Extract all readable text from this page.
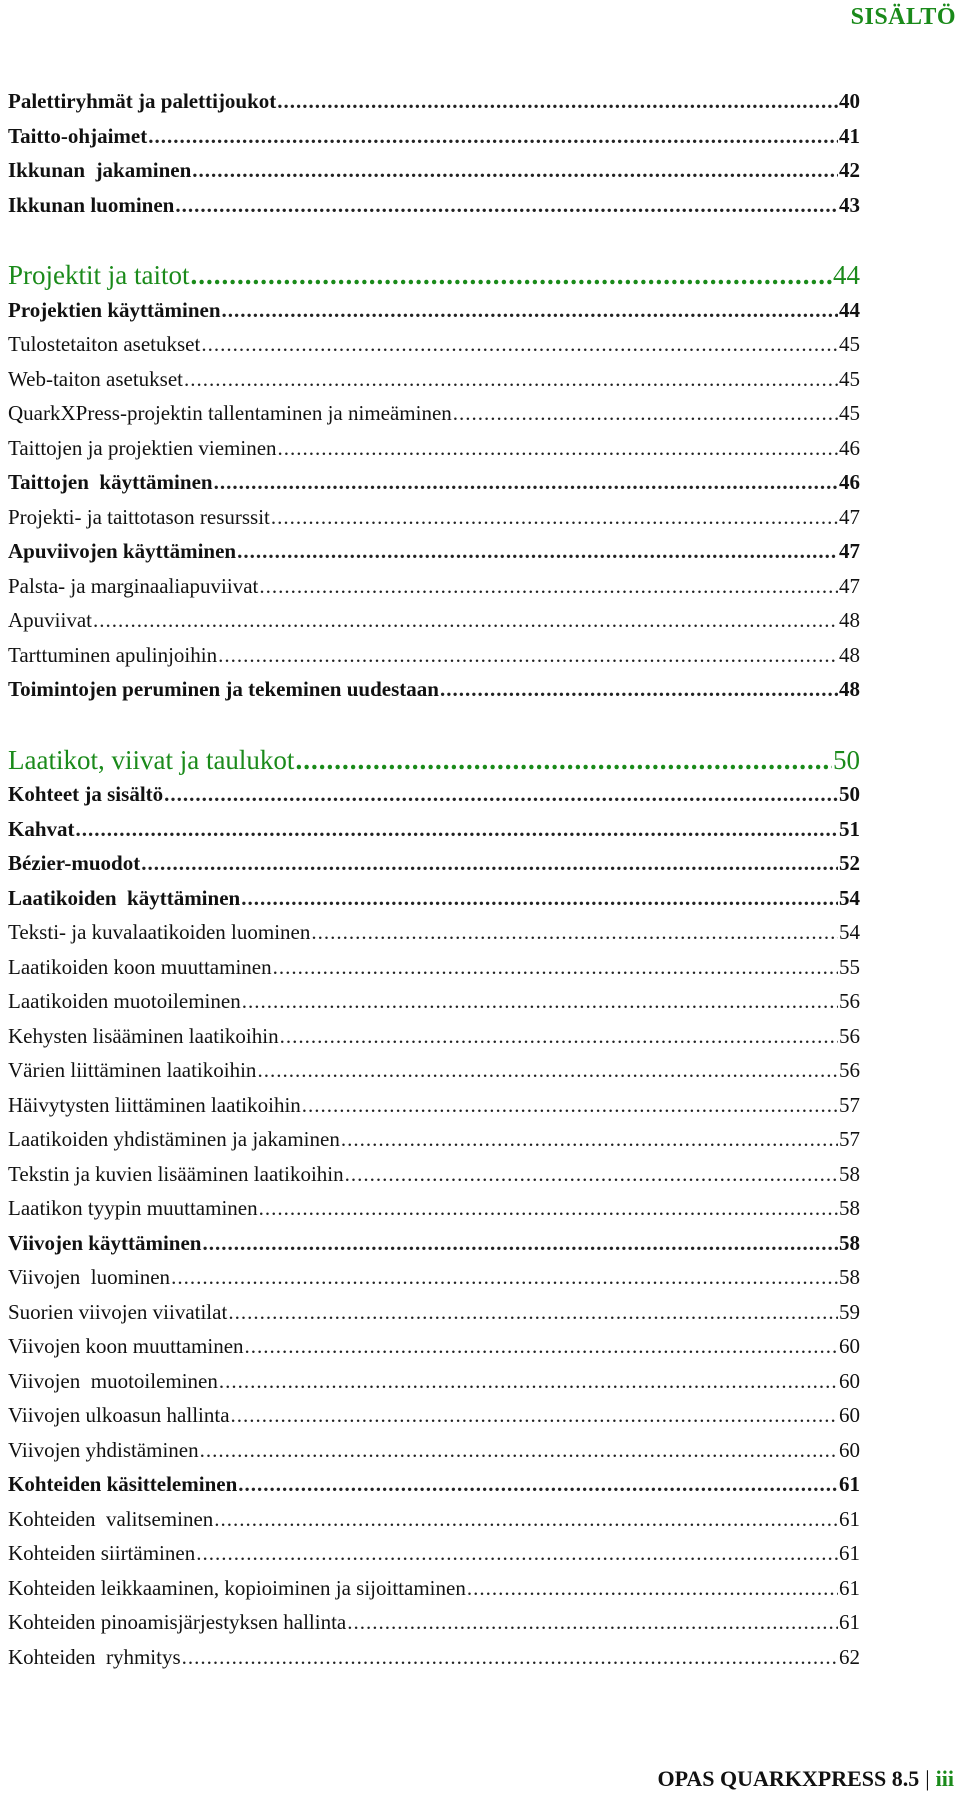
SISÄLTÖ
Palettiryhmät ja palettijoukot .....	40
Taitto-ohjaimet .....	41
Ikkunan  jakaminen .....	42
Ikkunan luominen .....	43
Projektit ja taitot .....	44
Projektien käyttäminen .....	44
Tulostetaiton asetukset .....	45
Web-taiton asetukset .....	45
QuarkXPress-projektin tallentaminen ja nimeäminen .....	45
Taittojen ja projektien vieminen .....	46
Taittojen  käyttäminen .....	46
Projekti- ja taittotason resurssit .....	47
Apuviivojen käyttäminen .....	47
Palsta- ja marginaaliapuviivat .....	47
Apuviivat .....	48
Tarttuminen apulinjoihin .....	48
Toimintojen peruminen ja tekeminen uudestaan .....	48
Laatikot, viivat ja taulukot .....	50
Kohteet ja sisältö .....	50
Kahvat .....	51
Bézier-muodot .....	52
Laatikoiden  käyttäminen .....	54
Teksti- ja kuvalaatikoiden luominen .....	54
Laatikoiden koon muuttaminen .....	55
Laatikoiden muotoileminen .....	56
Kehysten lisääminen laatikoihin .....	56
Värien liittäminen laatikoihin .....	56
Häivytysten liittäminen laatikoihin .....	57
Laatikoiden yhdistäminen ja jakaminen .....	57
Tekstin ja kuvien lisääminen laatikoihin .....	58
Laatikon tyypin muuttaminen .....	58
Viivojen käyttäminen .....	58
Viivojen  luominen .....	58
Suorien viivojen viivatilat .....	59
Viivojen koon muuttaminen .....	60
Viivojen  muotoileminen .....	60
Viivojen ulkoasun hallinta .....	60
Viivojen yhdistäminen .....	60
Kohteiden käsitteleminen .....	61
Kohteiden  valitseminen .....	61
Kohteiden siirtäminen .....	61
Kohteiden leikkaaminen, kopioiminen ja sijoittaminen .....	61
Kohteiden pinoamisjärjestyksen hallinta .....	61
Kohteiden  ryhmitys .....	62
OPAS QUARKXPRESS 8.5 | iii
